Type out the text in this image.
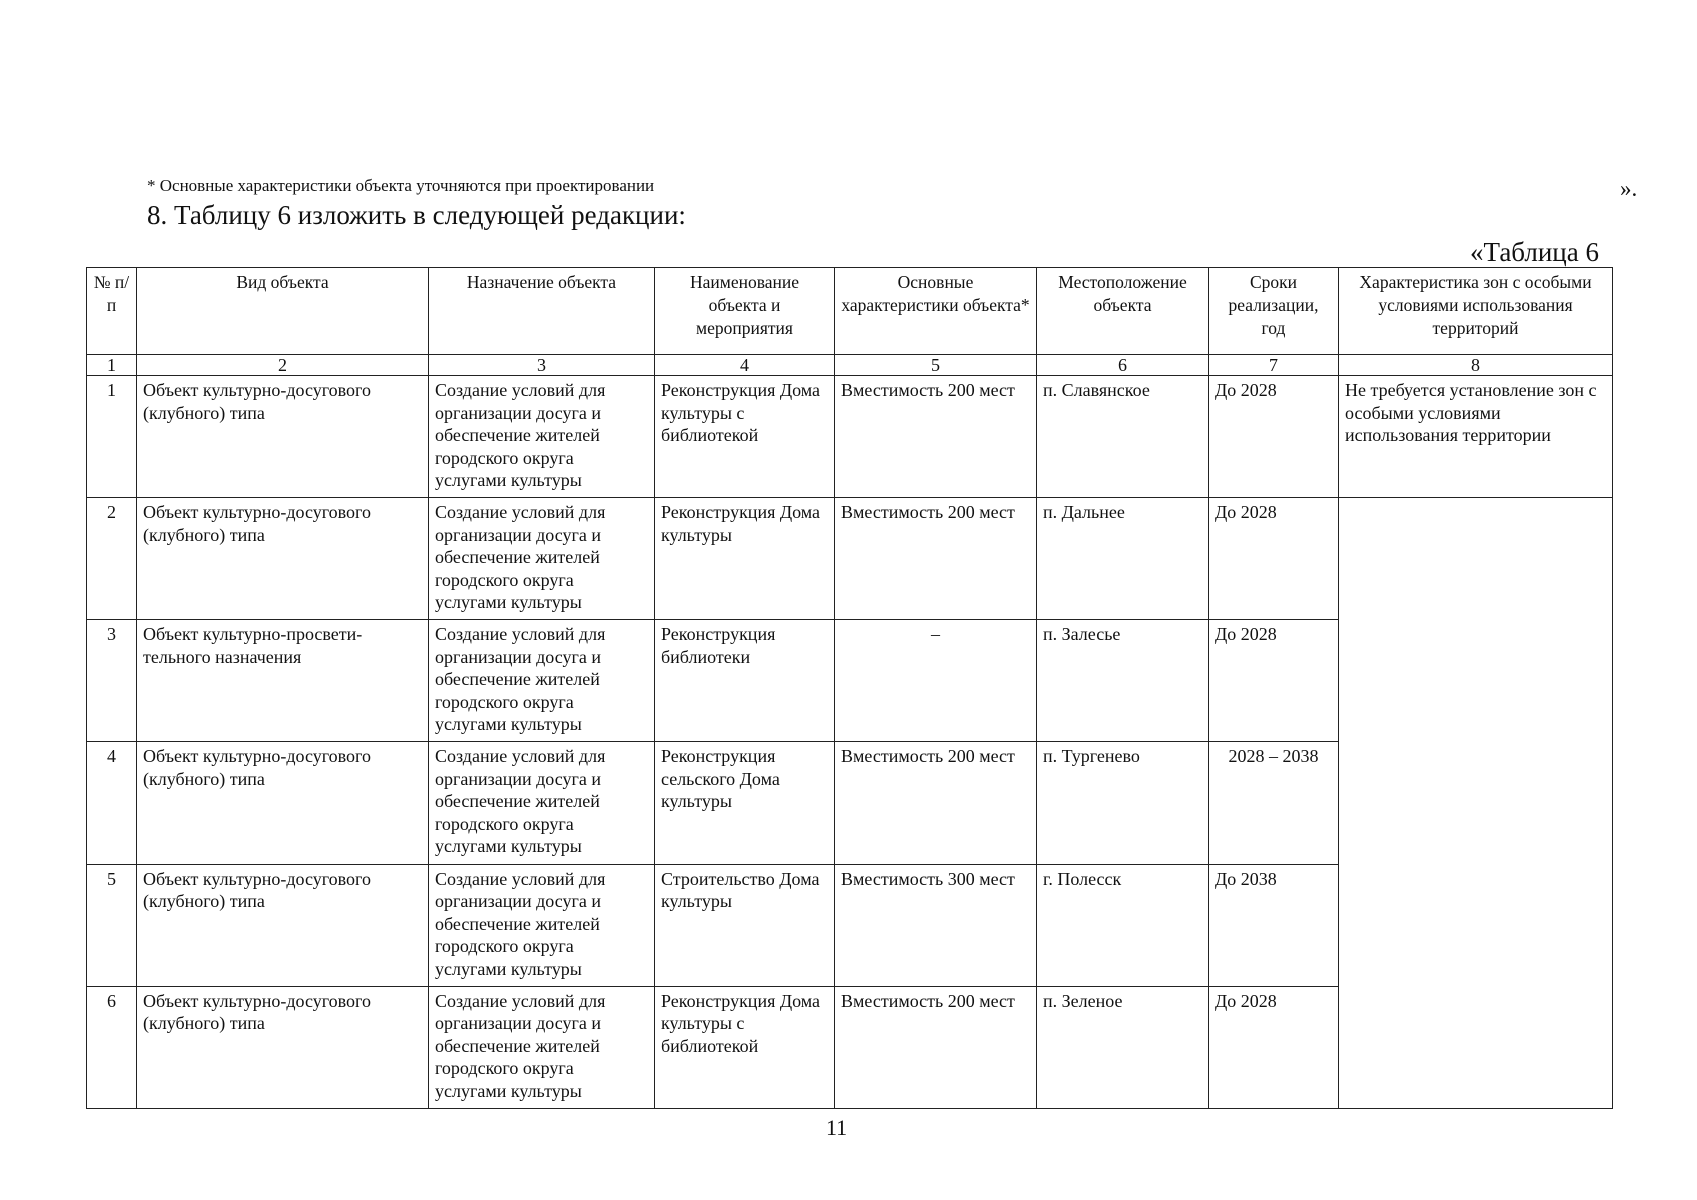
* Основные характеристики объекта уточняются при проектировании	».
8. Таблицу 6 изложить в следующей редакции:
«Таблица 6
№ п/п	Вид объекта	Назначение объекта	Наименование объекта и мероприятия	Основные характеристики объекта*	Местоположение объекта	Сроки реализации, год	Характеристика зон с особыми условиями использования территорий
1	2	3	4	5	6	7	8
1	Объект культурно-досугового (клубного) типа	Создание условий для организации досуга и обеспечение жителей городского округа услугами культуры	Реконструкция Дома культуры с библиотекой	Вместимость 200 мест	п. Славянское	До 2028	Не требуется установление зон с особыми условиями использования территории
2	Объект культурно-досугового (клубного) типа	Создание условий для организации досуга и обеспечение жителей городского округа услугами культуры	Реконструкция Дома культуры	Вместимость 200 мест	п. Дальнее	До 2028	
3	Объект культурно-просвети-тельного назначения	Создание условий для организации досуга и обеспечение жителей городского округа услугами культуры	Реконструкция библиотеки	–	п. Залесье	До 2028	
4	Объект культурно-досугового (клубного) типа	Создание условий для организации досуга и обеспечение жителей городского округа услугами культуры	Реконструкция сельского Дома культуры	Вместимость 200 мест	п. Тургенево	2028 – 2038	
5	Объект культурно-досугового (клубного) типа	Создание условий для организации досуга и обеспечение жителей городского округа услугами культуры	Строительство Дома культуры	Вместимость 300 мест	г. Полесск	До 2038	
6	Объект культурно-досугового (клубного) типа	Создание условий для организации досуга и обеспечение жителей городского округа услугами культуры	Реконструкция Дома культуры с библиотекой	Вместимость 200 мест	п. Зеленое	До 2028	
11
